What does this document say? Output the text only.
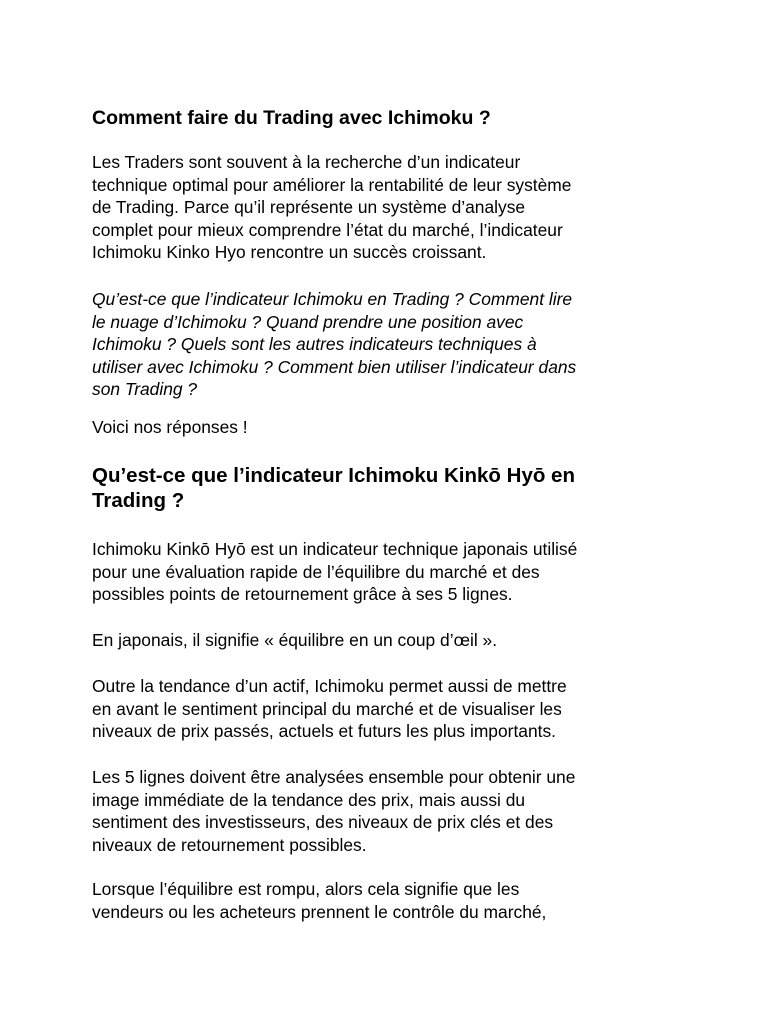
Comment faire du Trading avec Ichimoku ?

Les Traders sont souvent à la recherche d’un indicateur
technique optimal pour améliorer la rentabilité de leur système
de Trading. Parce qu’il représente un système d’analyse
complet pour mieux comprendre l’état du marché, l’indicateur
Ichimoku Kinko Hyo rencontre un succès croissant.

Qu’est-ce que l’indicateur Ichimoku en Trading ? Comment lire
le nuage d’Ichimoku ? Quand prendre une position avec
Ichimoku ? Quels sont les autres indicateurs techniques à
utiliser avec Ichimoku ? Comment bien utiliser l’indicateur dans
son Trading ?

Voici nos réponses !

Qu’est-ce que l’indicateur Ichimoku Kinkō Hyō en
Trading ?

Ichimoku Kinkō Hyō est un indicateur technique japonais utilisé
pour une évaluation rapide de l’équilibre du marché et des
possibles points de retournement grâce à ses 5 lignes.

En japonais, il signifie « équilibre en un coup d’œil ».

Outre la tendance d’un actif, Ichimoku permet aussi de mettre
en avant le sentiment principal du marché et de visualiser les
niveaux de prix passés, actuels et futurs les plus importants.

Les 5 lignes doivent être analysées ensemble pour obtenir une
image immédiate de la tendance des prix, mais aussi du
sentiment des investisseurs, des niveaux de prix clés et des
niveaux de retournement possibles.

Lorsque l’équilibre est rompu, alors cela signifie que les
vendeurs ou les acheteurs prennent le contrôle du marché,
